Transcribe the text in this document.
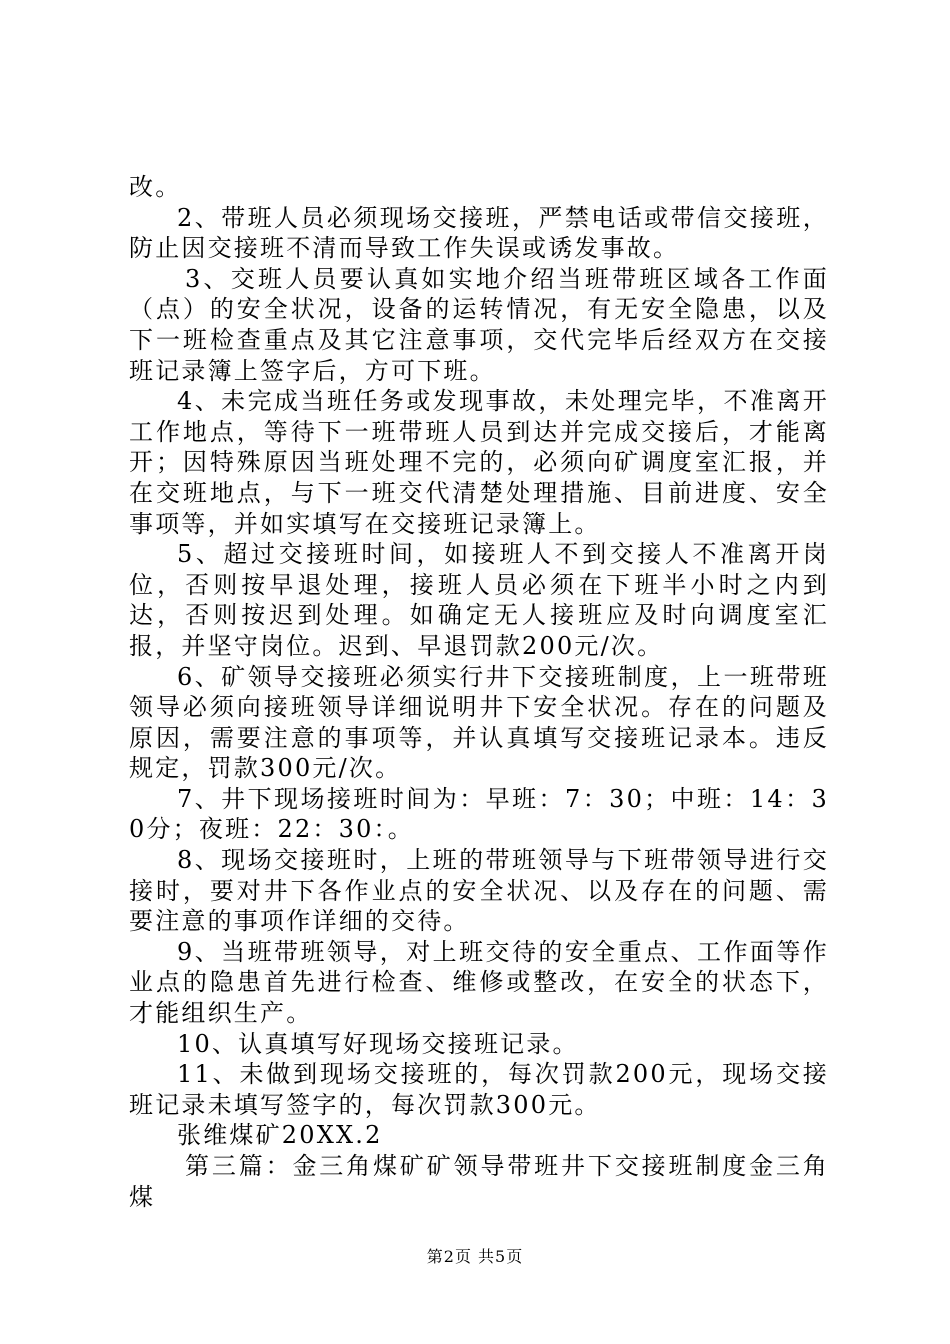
改。

2、带班人员必须现场交接班，严禁电话或带信交接班，防止因交接班不清而导致工作失误或诱发事故。

3、交班人员要认真如实地介绍当班带班区域各工作面（点）的安全状况，设备的运转情况，有无安全隐患，以及下一班检查重点及其它注意事项，交代完毕后经双方在交接班记录簿上签字后，方可下班。

4、未完成当班任务或发现事故，未处理完毕，不准离开工作地点，等待下一班带班人员到达并完成交接后，才能离开；因特殊原因当班处理不完的，必须向矿调度室汇报，并在交班地点，与下一班交代清楚处理措施、目前进度、安全事项等，并如实填写在交接班记录簿上。

5、超过交接班时间，如接班人不到交接人不准离开岗位，否则按早退处理，接班人员必须在下班半小时之内到达，否则按迟到处理。如确定无人接班应及时向调度室汇报，并坚守岗位。迟到、早退罚款200元/次。

6、矿领导交接班必须实行井下交接班制度，上一班带班领导必须向接班领导详细说明井下安全状况。存在的问题及原因，需要注意的事项等，并认真填写交接班记录本。违反规定，罚款300元/次。

7、井下现场接班时间为：早班：7：30；中班：14：30分；夜班：22：30：。

8、现场交接班时，上班的带班领导与下班带领导进行交接时，要对井下各作业点的安全状况、以及存在的问题、需要注意的事项作详细的交待。

9、当班带班领导，对上班交待的安全重点、工作面等作业点的隐患首先进行检查、维修或整改，在安全的状态下，才能组织生产。

10、认真填写好现场交接班记录。

11、未做到现场交接班的，每次罚款200元，现场交接班记录未填写签字的，每次罚款300元。

张维煤矿20XX.2

第三篇：金三角煤矿矿领导带班井下交接班制度金三角煤

第2页 共5页
